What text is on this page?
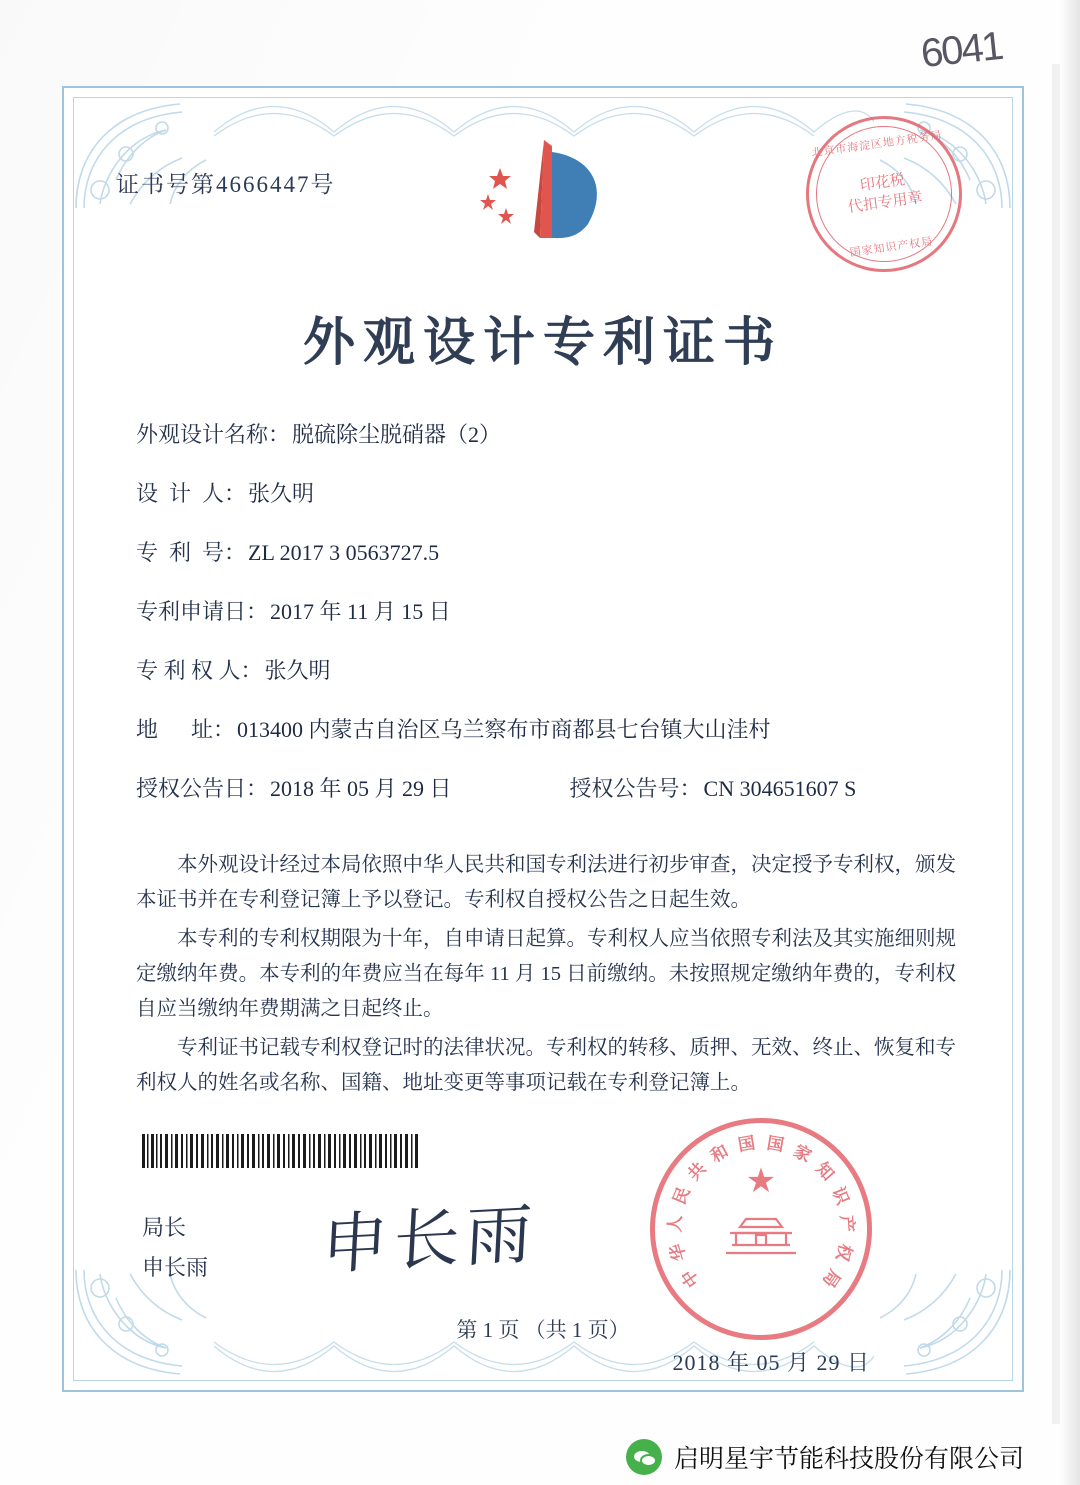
6041
证书号第4666447号
北京市海淀区地方税务局
印花税
代扣专用章
国家知识产权局
外观设计专利证书
外观设计名称： 脱硫除尘脱硝器（2）
设  计  人： 张久明
专  利  号： ZL 2017 3 0563727.5
专利申请日： 2017 年 11 月 15 日
专 利 权 人： 张久明
地      址： 013400 内蒙古自治区乌兰察布市商都县七台镇大山洼村
授权公告日： 2018 年 05 月 29 日	授权公告号： CN 304651607 S

本外观设计经过本局依照中华人民共和国专利法进行初步审查，决定授予专利权，颁发本证书并在专利登记簿上予以登记。专利权自授权公告之日起生效。

本专利的专利权期限为十年，自申请日起算。专利权人应当依照专利法及其实施细则规定缴纳年费。本专利的年费应当在每年 11 月 15 日前缴纳。未按照规定缴纳年费的，专利权自应当缴纳年费期满之日起终止。

专利证书记载专利权登记时的法律状况。专利权的转移、质押、无效、终止、恢复和专利权人的姓名或名称、国籍、地址变更等事项记载在专利登记簿上。

局长
申长雨 申长雨
★
中
华
人
民
共
和 国 国 家
知
识
产
权
局
2018 年 05 月 29 日
第 1 页 （共 1 页）
启明星宇节能科技股份有限公司
